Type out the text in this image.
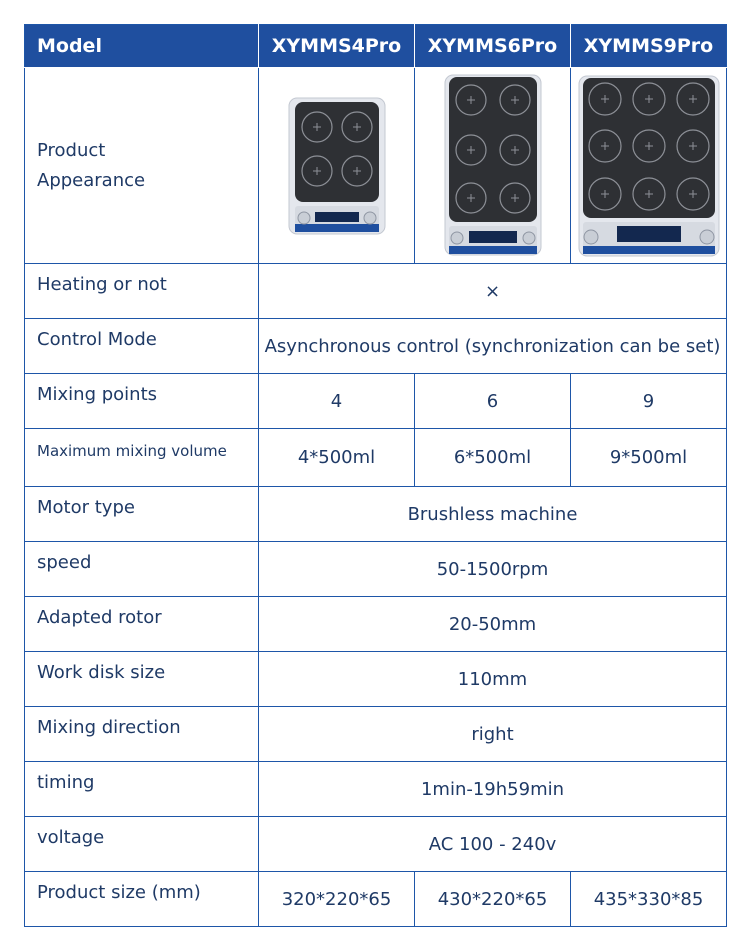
Model	XYMMS4Pro	XYMMS6Pro	XYMMS9Pro

Product
Appearance

Heating or not	×		
Control Mode	Asynchronous control (synchronization can be set)		
Mixing points	4	6	9
Maximum mixing volume	4*500ml	6*500ml	9*500ml
Motor type	Brushless machine		
speed	50-1500rpm		
Adapted rotor	20-50mm		
Work disk size	110mm		
Mixing direction	right		
timing	1min-19h59min		
voltage	AC 100 - 240v		
Product size (mm)	320*220*65	430*220*65	435*330*85
